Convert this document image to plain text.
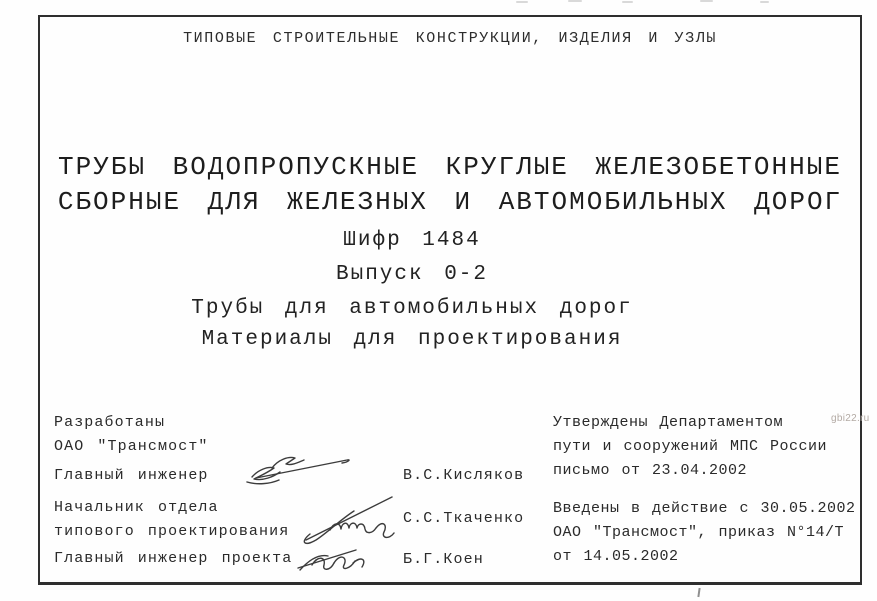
ТИПОВЫЕ СТРОИТЕЛЬНЫЕ КОНСТРУКЦИИ, ИЗДЕЛИЯ И УЗЛЫ
ТРУБЫ ВОДОПРОПУСКНЫЕ КРУГЛЫЕ ЖЕЛЕЗОБЕТОННЫЕ
СБОРНЫЕ ДЛЯ ЖЕЛЕЗНЫХ И АВТОМОБИЛЬНЫХ ДОРОГ
Шифр 1484
Выпуск 0-2
Трубы для автомобильных дорог
Материалы для проектирования
Разработаны
ОАО "Трансмост"
Главный инженер
Начальник отдела
типового проектирования
Главный инженер проекта
В.С.Кисляков
С.С.Ткаченко
Б.Г.Коен
Утверждены Департаментом
пути и сооружений МПС России
письмо от 23.04.2002
Введены в действие с 30.05.2002
ОАО "Трансмост", приказ N°14/Т
от 14.05.2002
gbi22.ru
